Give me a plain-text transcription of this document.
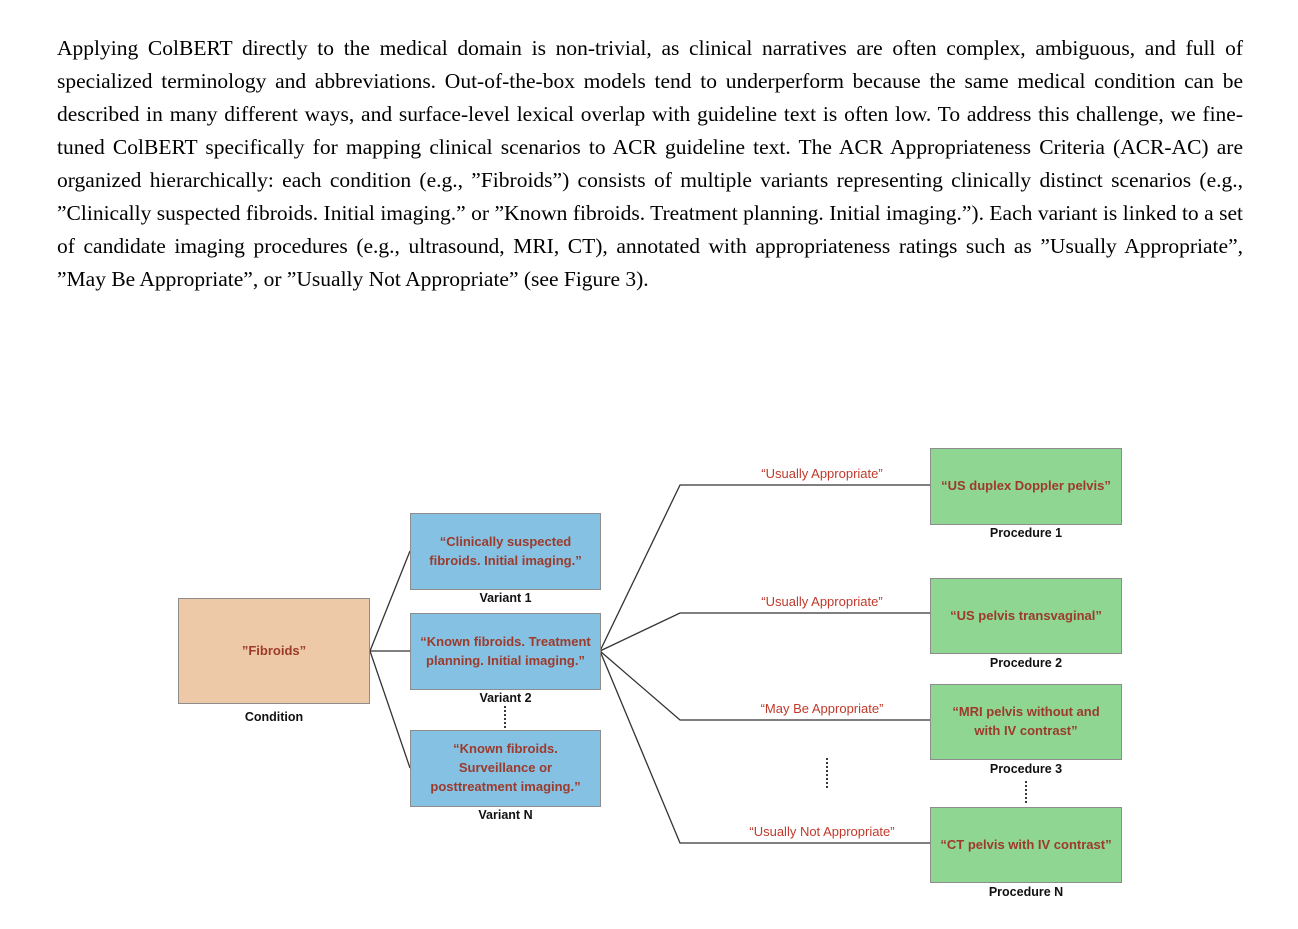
Applying ColBERT directly to the medical domain is non-trivial, as clinical narratives are often complex, ambiguous, and full of specialized terminology and abbreviations. Out-of-the-box models tend to underperform because the same medical condition can be described in many different ways, and surface-level lexical overlap with guideline text is often low. To address this challenge, we fine-tuned ColBERT specifically for mapping clinical scenarios to ACR guideline text. The ACR Appropriateness Criteria (ACR-AC) are organized hierarchically: each condition (e.g., ”Fibroids”) consists of multiple variants representing clinically distinct scenarios (e.g., ”Clinically suspected fibroids. Initial imaging.” or ”Known fibroids. Treatment planning. Initial imaging.”). Each variant is linked to a set of candidate imaging procedures (e.g., ultrasound, MRI, CT), annotated with appropriateness ratings such as ”Usually Appropriate”, ”May Be Appropriate”, or ”Usually Not Appropriate” (see Figure 3).
”Fibroids”
Condition
“Clinically suspected fibroids. Initial imaging.”
Variant 1
“Known fibroids. Treatment planning. Initial imaging.”
Variant 2
“Known fibroids. Surveillance or posttreatment imaging.”
Variant N
“Usually Appropriate”
“Usually Appropriate”
“May Be Appropriate”
“Usually Not Appropriate”
“US duplex Doppler pelvis”
Procedure 1
“US pelvis transvaginal”
Procedure 2
“MRI pelvis without and with IV contrast”
Procedure 3
“CT pelvis with IV contrast”
Procedure N
